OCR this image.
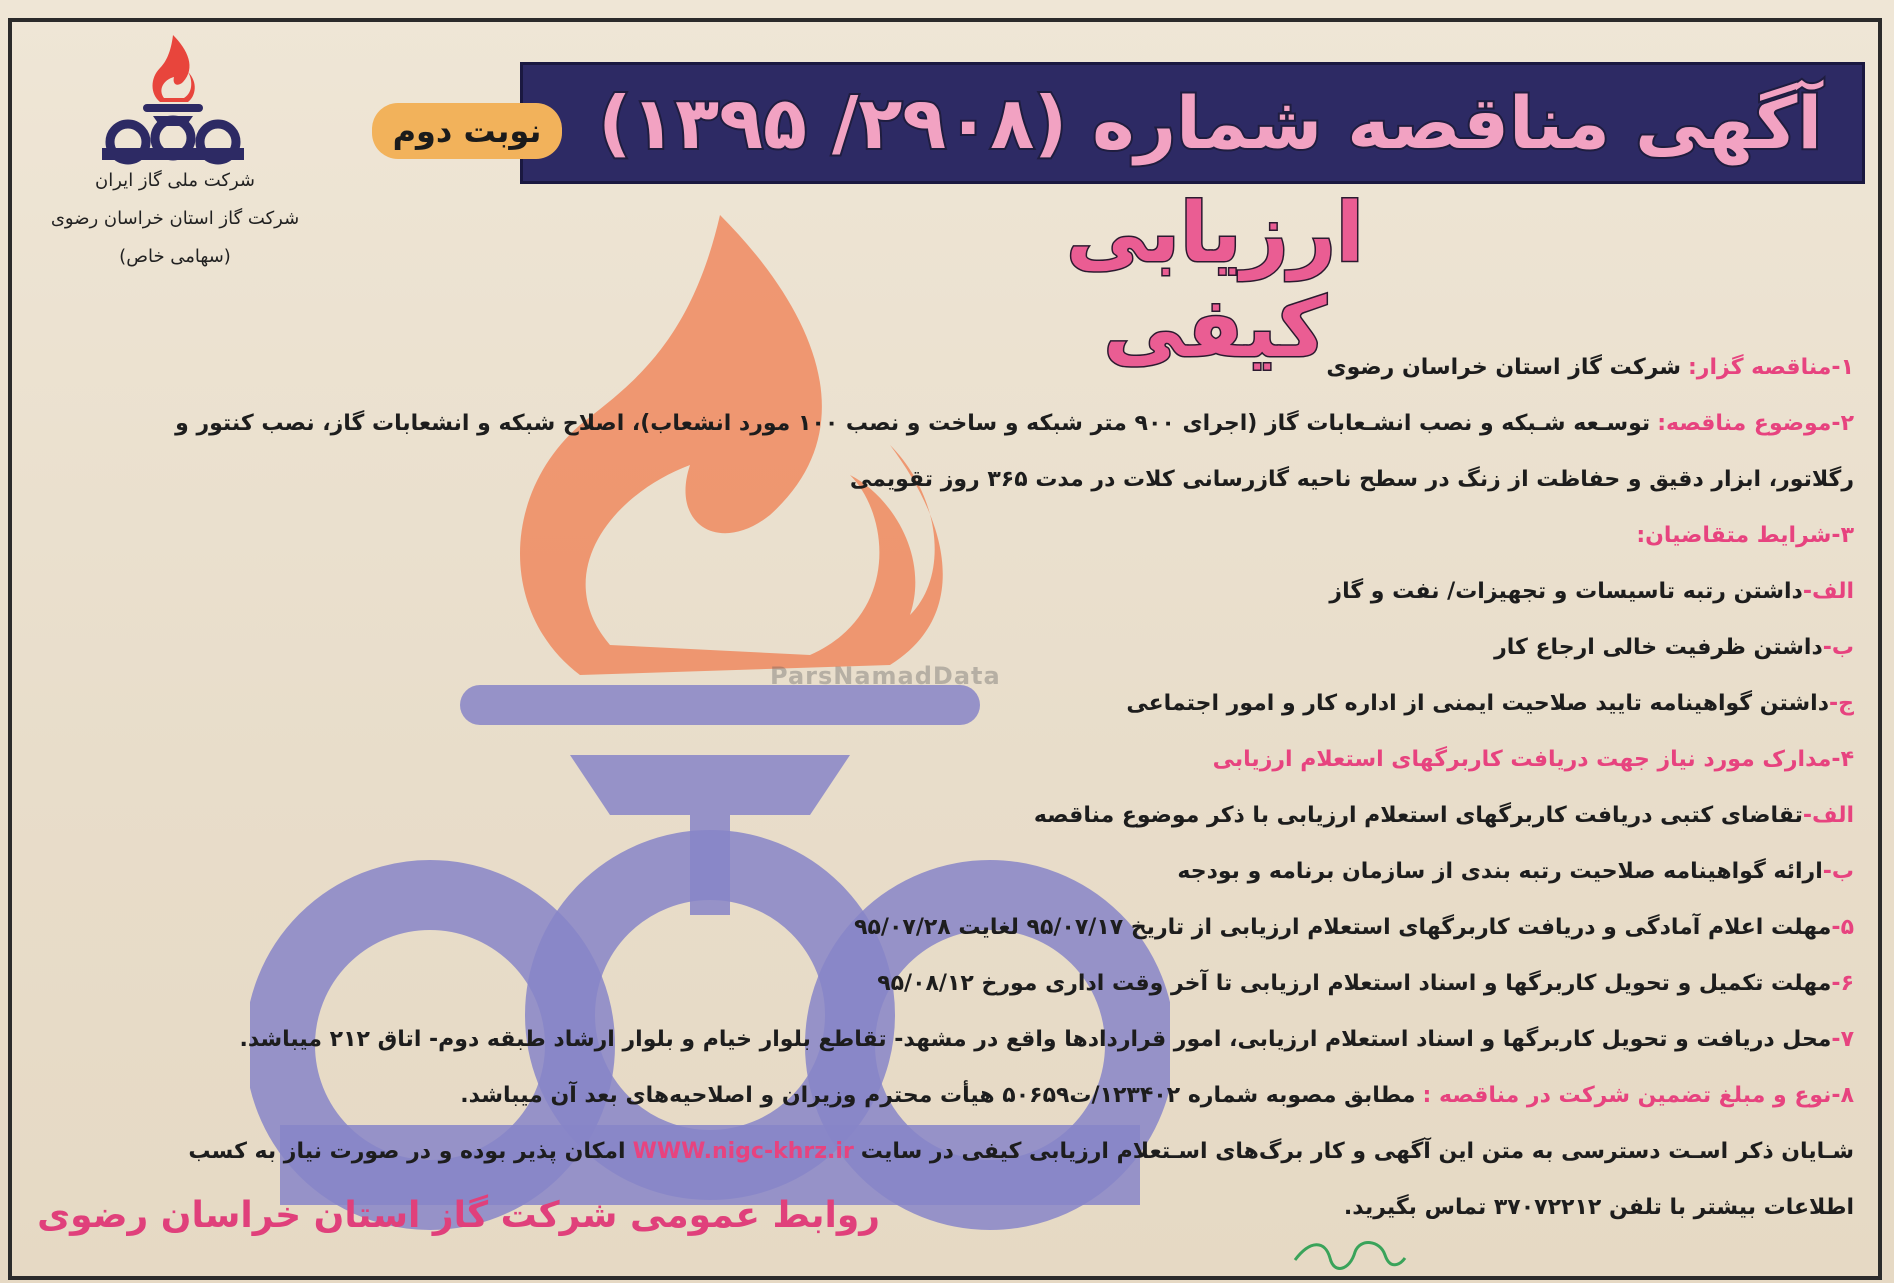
ParsNamadData
شرکت ملی گاز ایران
شرکت گاز استان خراسان رضوی
(سهامی خاص)
آگهی مناقصه شماره (۲۹۰۸/ ۱۳۹۵)
نوبت دوم
ارزیابی کیفی	۱-مناقصه گزار: شرکت گاز استان خراسان رضوی
۲-موضوع مناقصه: توسـعه شـبکه و نصب انشـعابات گاز (اجرای ۹۰۰ متر شبکه و ساخت و نصب ۱۰۰ مورد انشعاب)، اصلاح شبکه و انشعابات گاز، نصب کنتور و
رگلاتور، ابزار دقیق و حفاظت از زنگ در سطح ناحیه گازرسانی کلات در مدت ۳۶۵ روز تقویمی
۳-شرایط متقاضیان:
الف-داشتن رتبه تاسیسات و تجهیزات/ نفت و گاز
ب-داشتن ظرفیت خالی ارجاع کار
ج-داشتن گواهینامه تایید صلاحیت ایمنی از اداره کار و امور اجتماعی
۴-مدارک مورد نیاز جهت دریافت کاربرگهای استعلام ارزیابی
الف-تقاضای کتبی دریافت کاربرگهای استعلام ارزیابی با ذکر موضوع مناقصه
ب-ارائه گواهینامه صلاحیت رتبه بندی از سازمان برنامه و بودجه
۵-مهلت اعلام آمادگی و دریافت کاربرگهای استعلام ارزیابی از تاریخ ۹۵/۰۷/۱۷ لغایت ۹۵/۰۷/۲۸
۶-مهلت تکمیل و تحویل کاربرگها و اسناد استعلام ارزیابی تا آخر وقت اداری مورخ ۹۵/۰۸/۱۲
۷-محل دریافت و تحویل کاربرگها و اسناد استعلام ارزیابی، امور قراردادها واقع در مشهد- تقاطع بلوار خیام و بلوار ارشاد طبقه دوم- اتاق ۲۱۲ میباشد.
۸-نوع و مبلغ تضمین شرکت در مناقصه : مطابق مصوبه شماره ۱۲۳۴۰۲/ت۵۰۶۵۹ هیأت محترم وزیران و اصلاحیه‌های بعد آن میباشد.
شـایان ذکر اسـت دسترسی به متن این آگهی و کار برگ‌های اسـتعلام ارزیابی کیفی در سایت WWW.nigc-khrz.ir امکان پذیر بوده و در صورت نیاز به کسب
اطلاعات بیشتر با تلفن ۳۷۰۷۲۲۱۲ تماس بگیرید.
روابط عمومی شرکت گاز استان خراسان رضوی
